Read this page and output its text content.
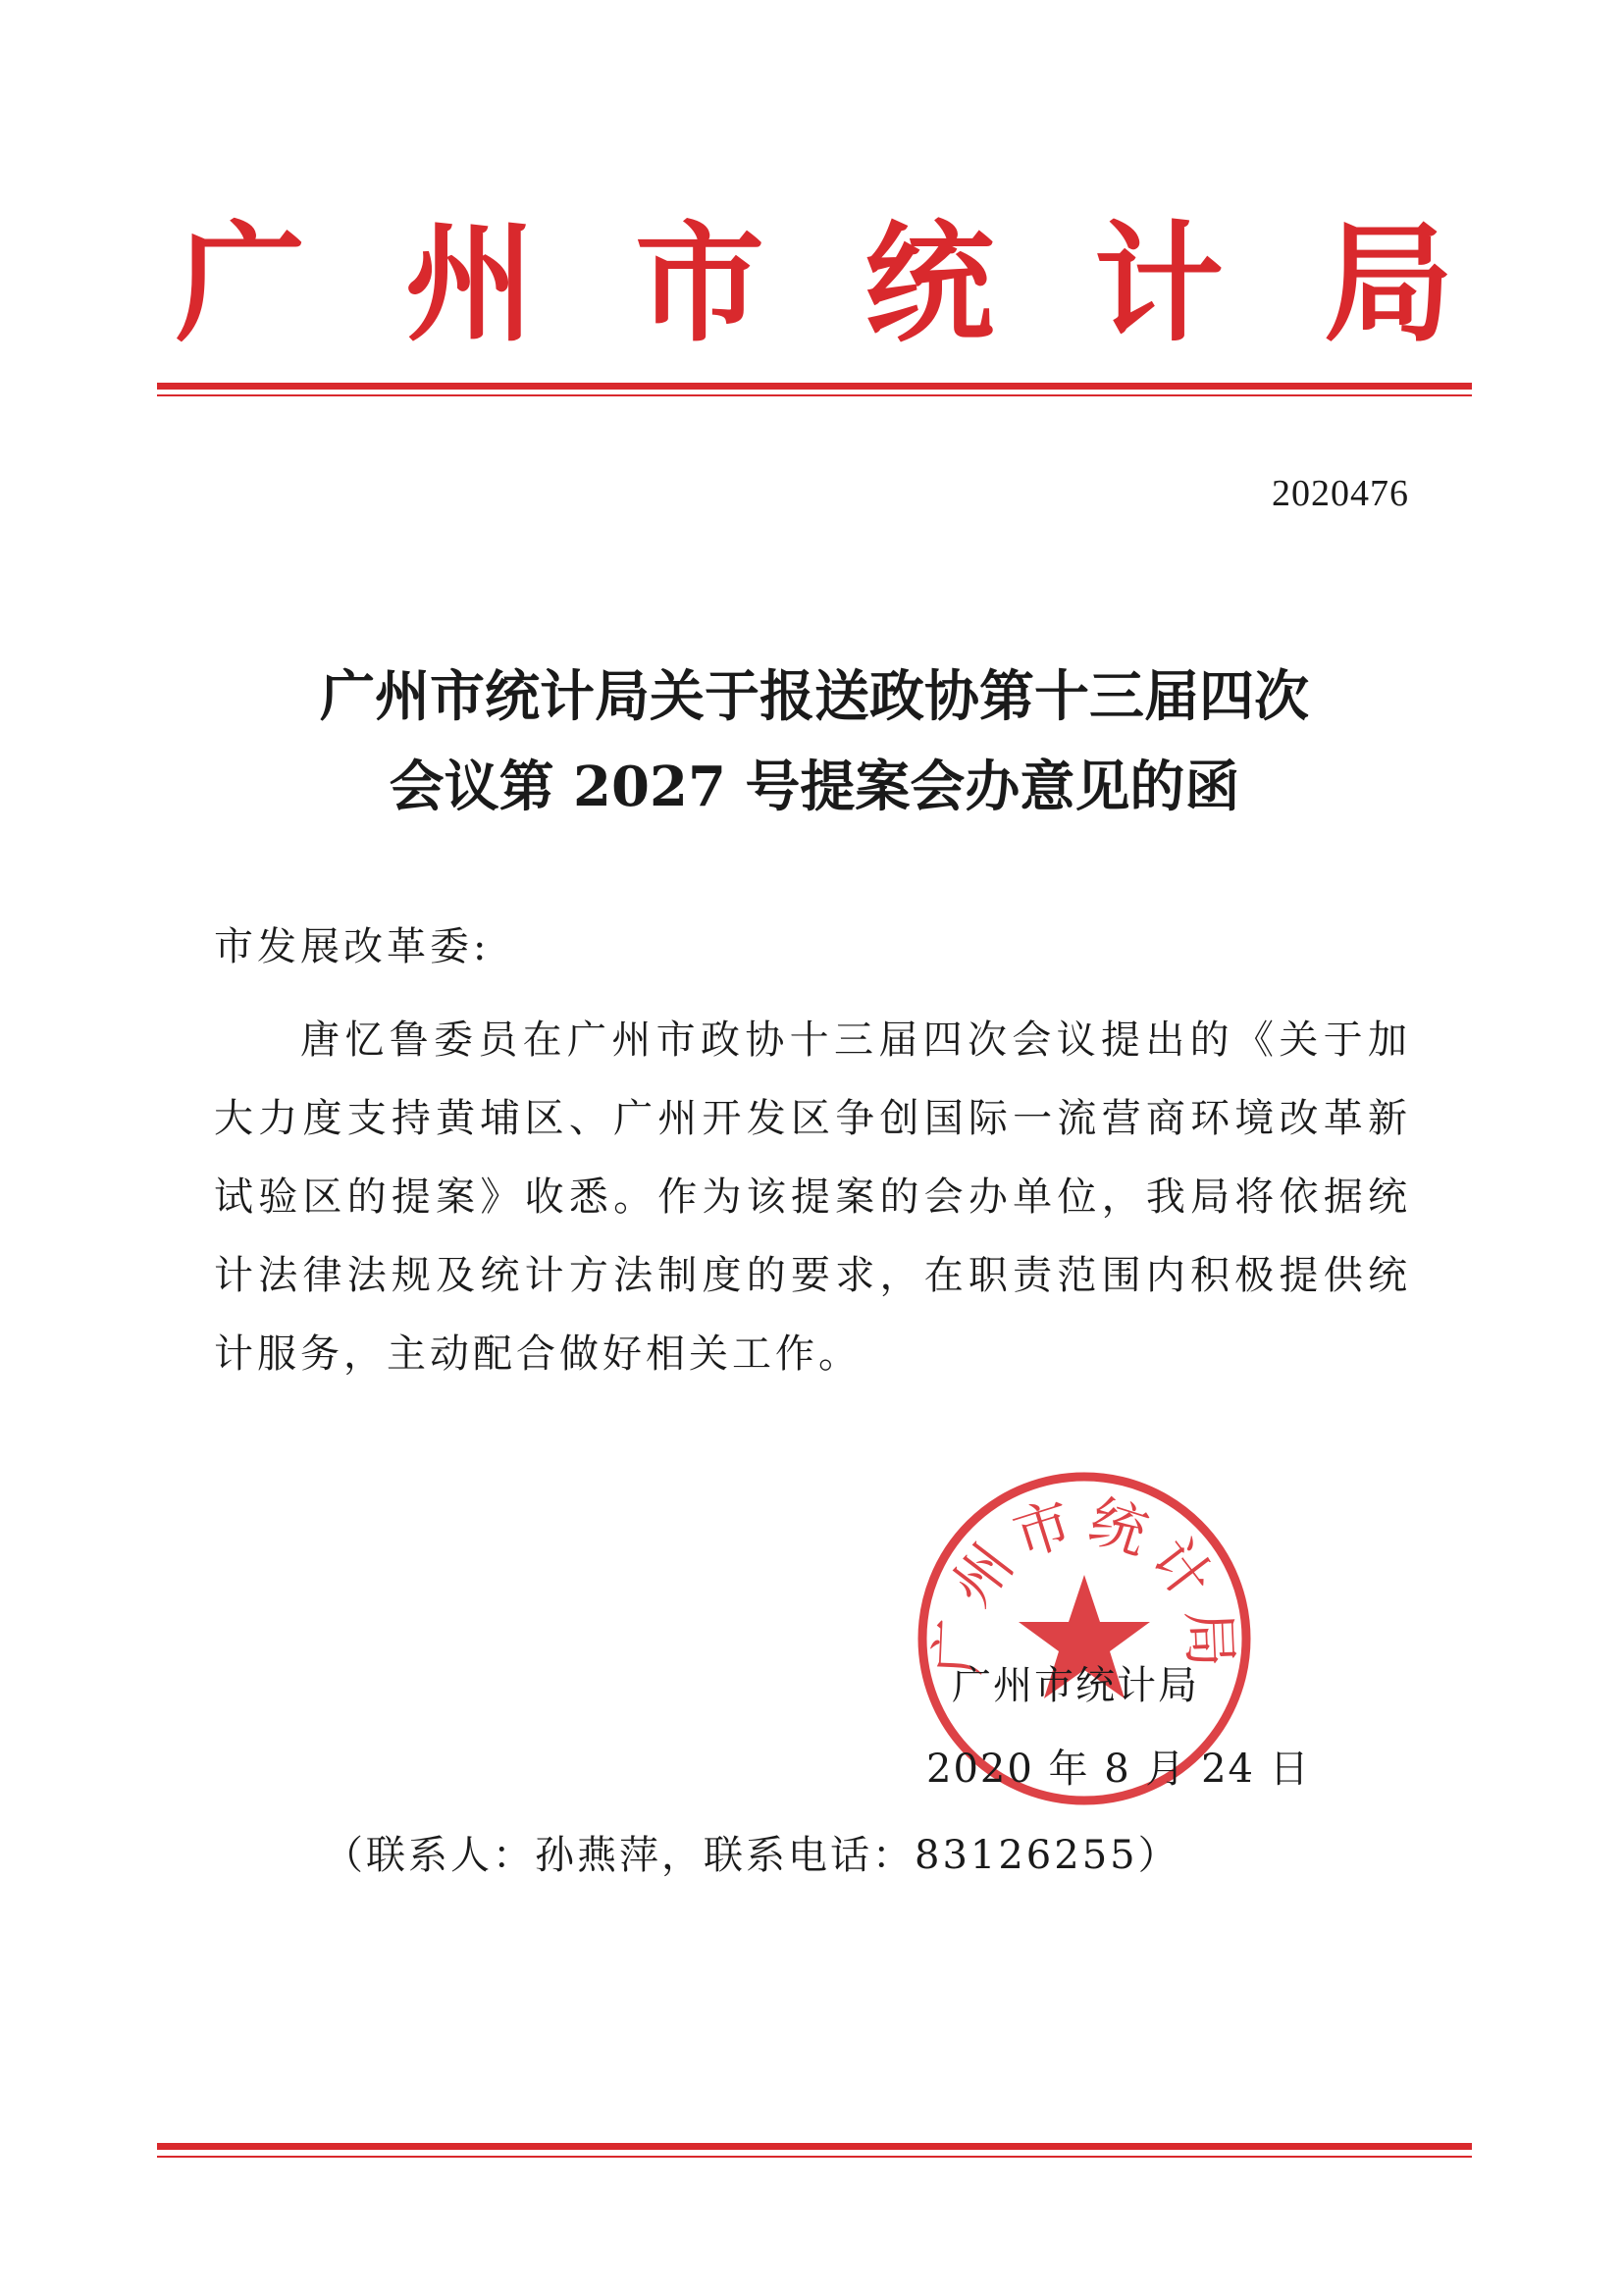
广 州 市 统 计 局
2020476
广州市统计局关于报送政协第十三届四次
会议第 2027 号提案会办意见的函
市发展改革委:
唐忆鲁委员在广州市政协十三届四次会议提出的《关于加
大力度支持黄埔区、广州开发区争创国际一流营商环境改革新
试验区的提案》收悉。作为该提案的会办单位，我局将依据统
计法律法规及统计方法制度的要求，在职责范围内积极提供统
计服务，主动配合做好相关工作。
广州市统计局
广州市统计局
2020 年 8 月 24 日
（联系人：孙燕萍，联系电话：83126255）
